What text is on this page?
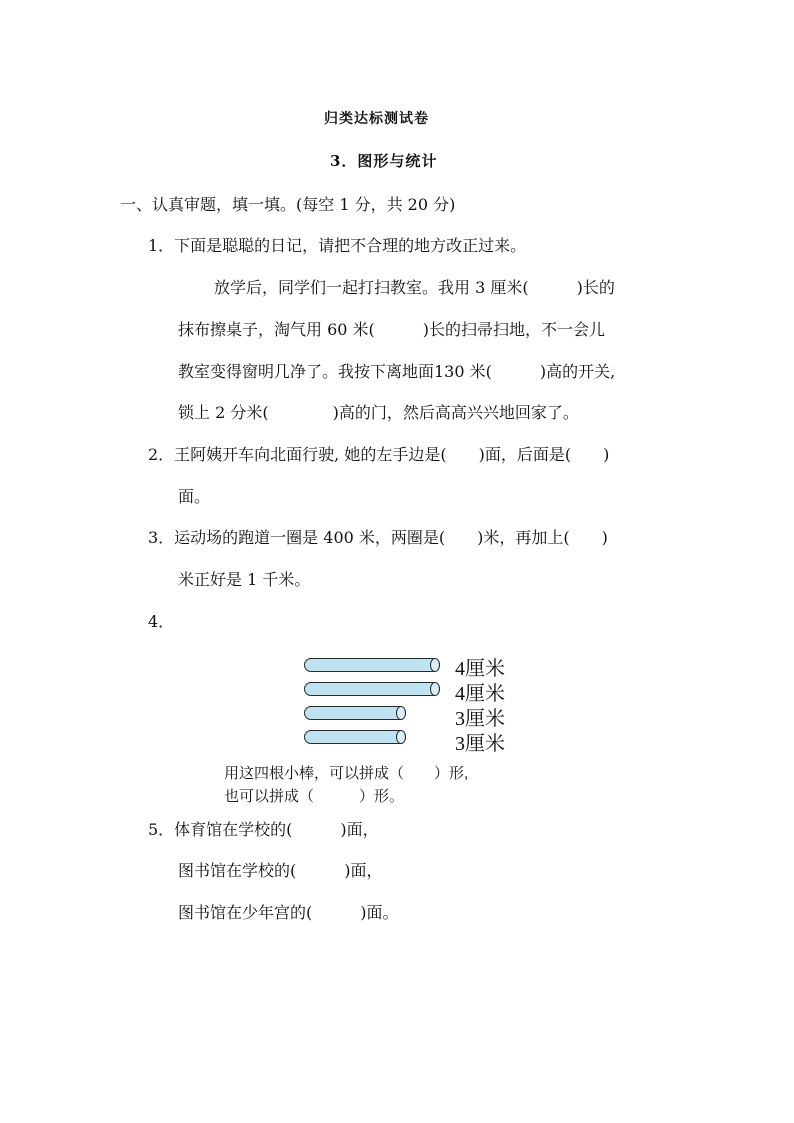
归类达标测试卷
3．图形与统计
一、认真审题，填一填。(每空 1 分，共 20 分)
1．下面是聪聪的日记，请把不合理的地方改正过来。
放学后，同学们一起打扫教室。我用 3 厘米(　　　)长的
抹布擦桌子，淘气用 60 米(　　　)长的扫帚扫地，不一会儿
教室变得窗明几净了。我按下离地面130 米(　　　)高的开关,
锁上 2 分米(　　　　)高的门，然后高高兴兴地回家了。
2．王阿姨开车向北面行驶, 她的左手边是(　　)面，后面是(　　)
面。
3．运动场的跑道一圈是 400 米，两圈是(　　)米，再加上(　　)
米正好是 1 千米。
4．
4厘米
4厘米
3厘米
3厘米
用这四根小棒，可以拼成（　　）形,
也可以拼成（　　　）形。
5．体育馆在学校的(　　　)面，
图书馆在学校的(　　　)面，
图书馆在少年宫的(　　　)面。
